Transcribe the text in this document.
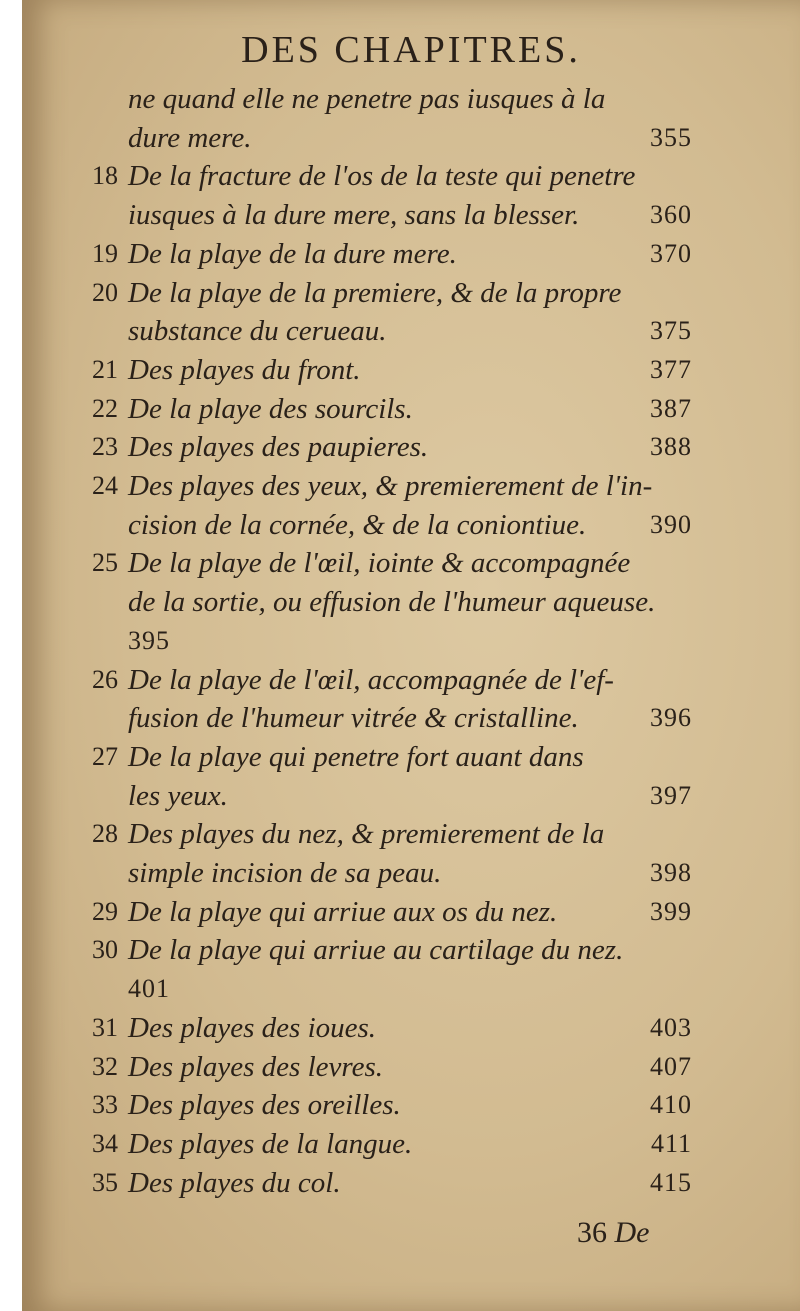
DES CHAPITRES.
ne quand elle ne penetre pas iusques à la
dure mere.	355
18 De la fracture de l'os de la teste qui penetre
iusques à la dure mere, sans la blesser.	360
19 De la playe de la dure mere.	370
20 De la playe de la premiere, & de la propre
substance du cerueau.	375
21 Des playes du front.	377
22 De la playe des sourcils.	387
23 Des playes des paupieres.	388
24 Des playes des yeux, & premierement de l'in-
cision de la cornée, & de la coniontiue.	390
25 De la playe de l'œil, iointe & accompagnée
de la sortie, ou effusion de l'humeur aqueuse.
395
26 De la playe de l'œil, accompagnée de l'ef-
fusion de l'humeur vitrée & cristalline.	396
27 De la playe qui penetre fort auant dans
les yeux.	397
28 Des playes du nez, & premierement de la
simple incision de sa peau.	398
29 De la playe qui arriue aux os du nez.	399
30 De la playe qui arriue au cartilage du nez.
401
31 Des playes des ioues.	403
32 Des playes des levres.	407
33 Des playes des oreilles.	410
34 Des playes de la langue.	411
35 Des playes du col.	415
36 De
